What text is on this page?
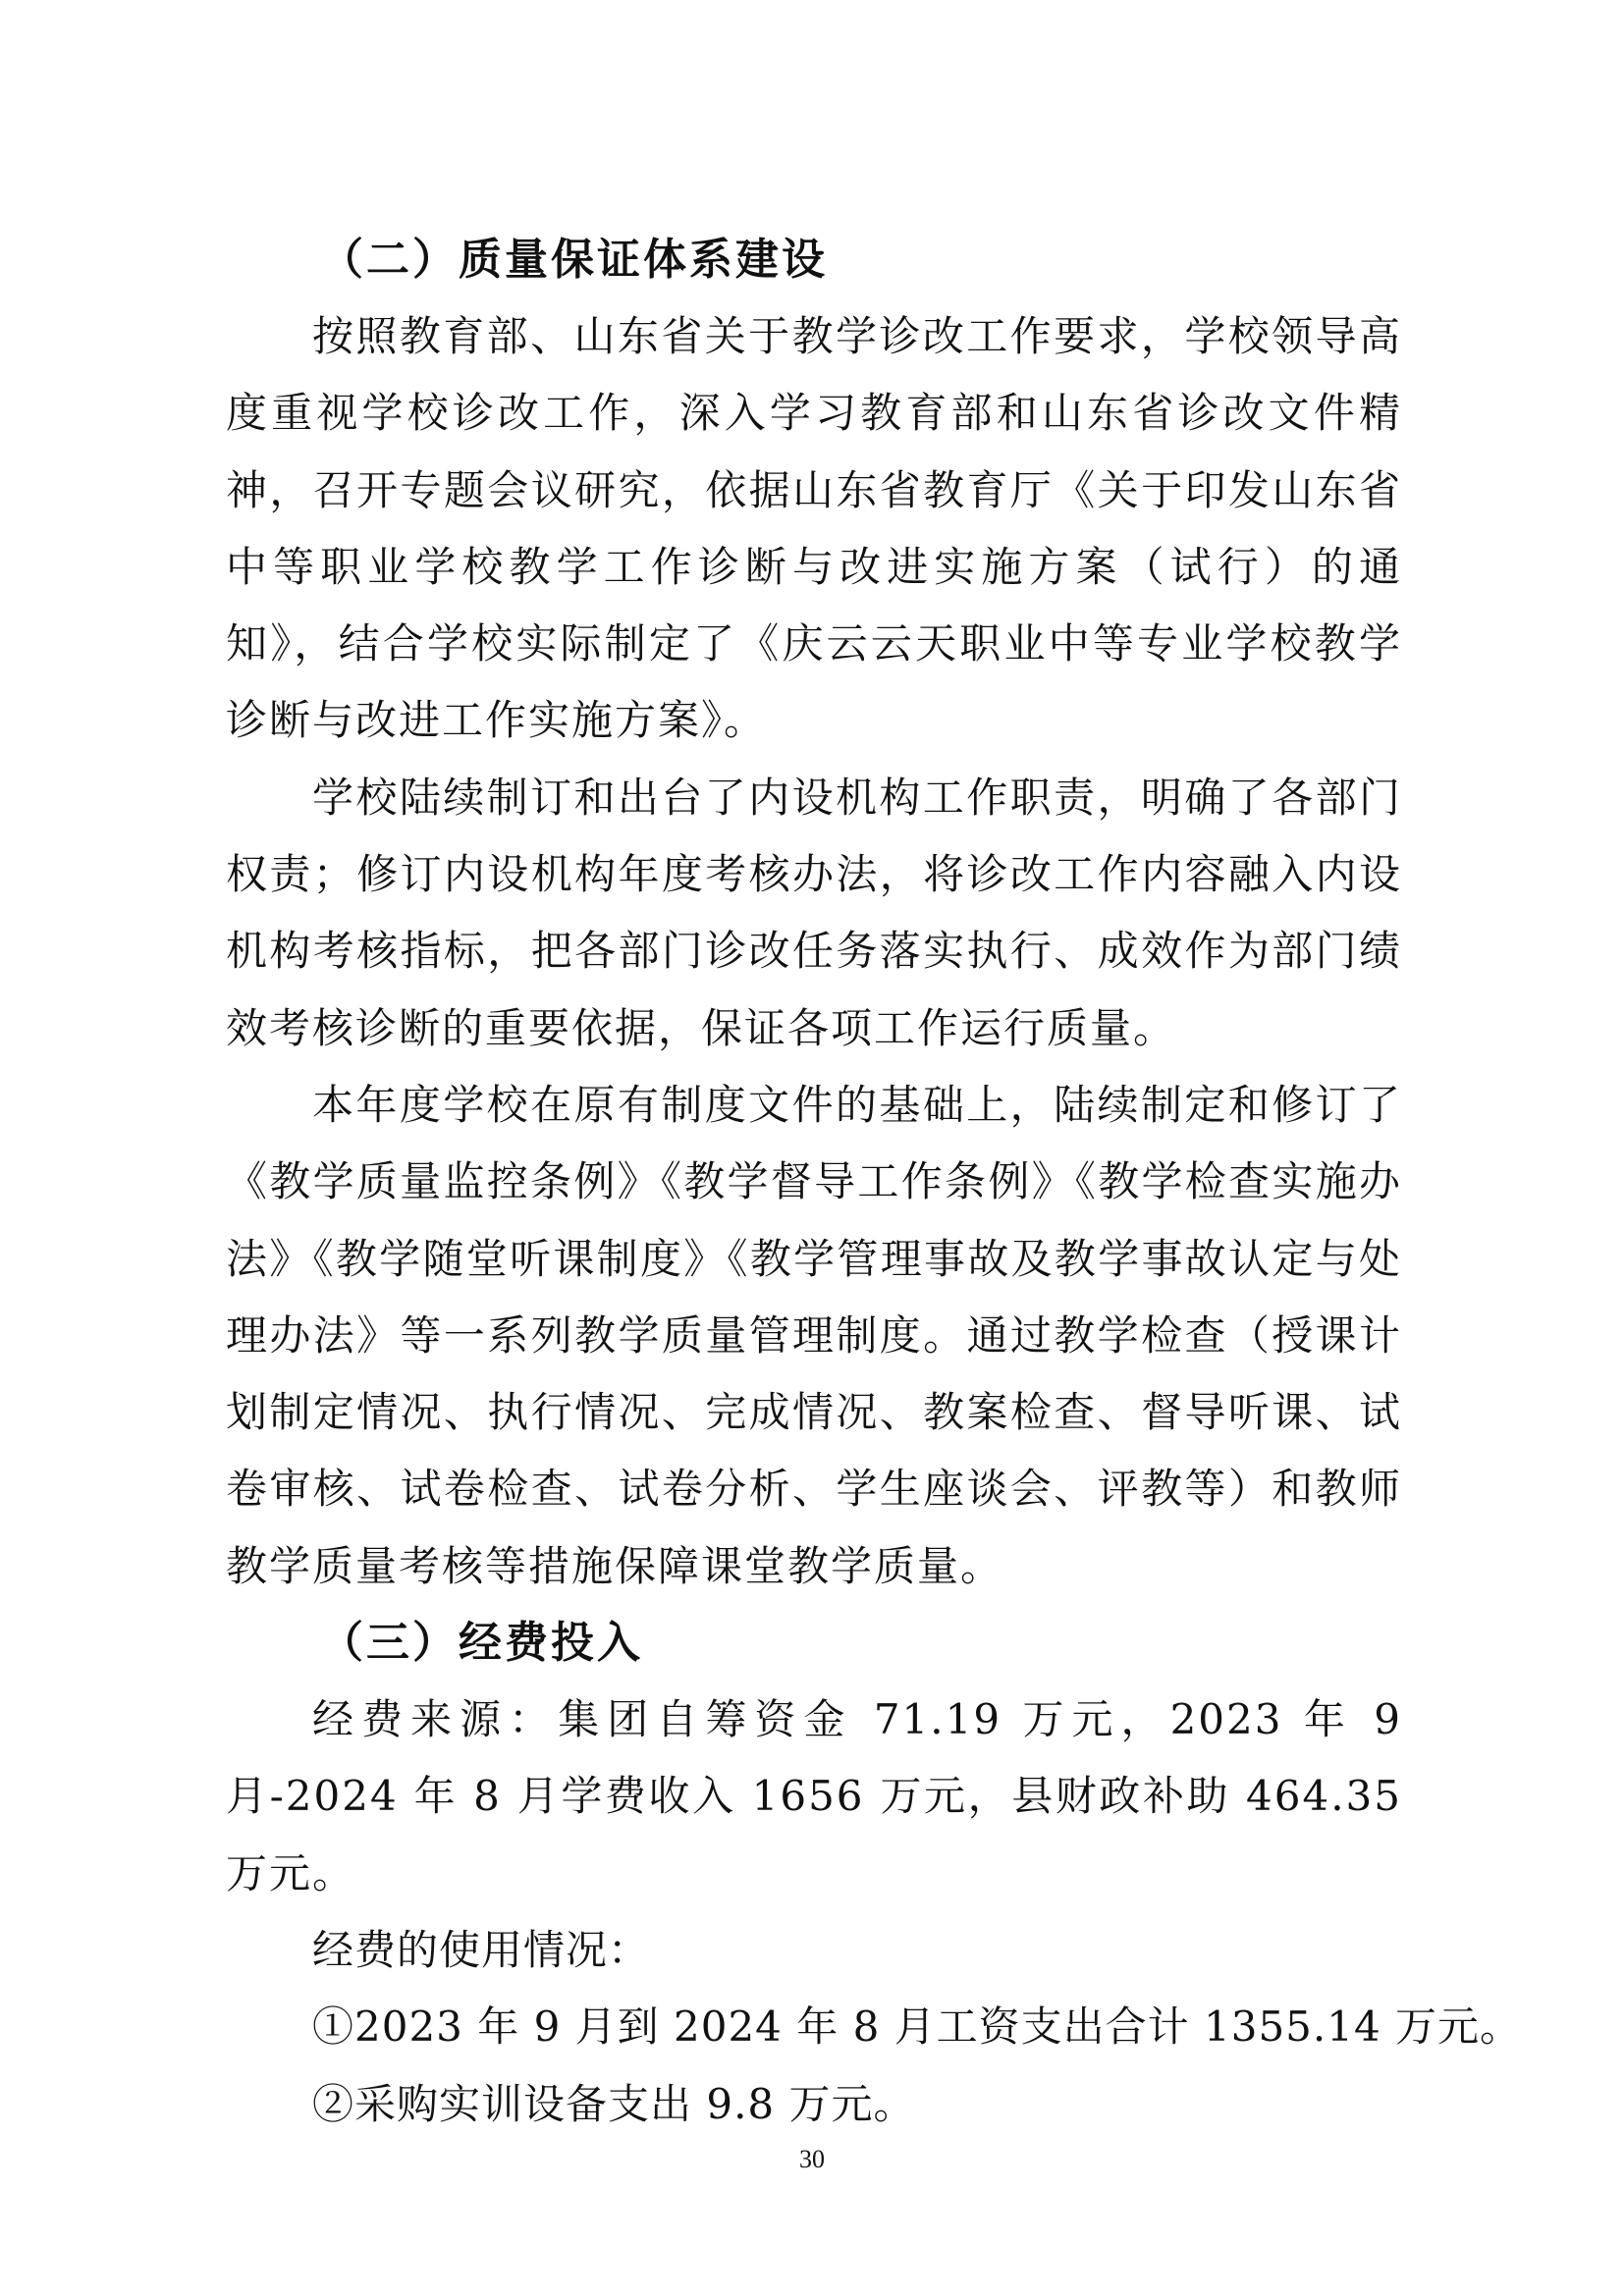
（二）质量保证体系建设

按照教育部、山东省关于教学诊改工作要求，学校领导高度重视学校诊改工作，深入学习教育部和山东省诊改文件精神，召开专题会议研究，依据山东省教育厅《关于印发山东省中等职业学校教学工作诊断与改进实施方案（试行）的通知》，结合学校实际制定了《庆云云天职业中等专业学校教学诊断与改进工作实施方案》。

学校陆续制订和出台了内设机构工作职责，明确了各部门权责；修订内设机构年度考核办法，将诊改工作内容融入内设机构考核指标，把各部门诊改任务落实执行、成效作为部门绩效考核诊断的重要依据，保证各项工作运行质量。

本年度学校在原有制度文件的基础上，陆续制定和修订了《教学质量监控条例》《教学督导工作条例》《教学检查实施办法》《教学随堂听课制度》《教学管理事故及教学事故认定与处理办法》等一系列教学质量管理制度。通过教学检查（授课计划制定情况、执行情况、完成情况、教案检查、督导听课、试卷审核、试卷检查、试卷分析、学生座谈会、评教等）和教师教学质量考核等措施保障课堂教学质量。

（三）经费投入

经费来源：集团自筹资金 71.19 万元，2023 年 9 月-2024 年 8 月学费收入 1656 万元，县财政补助 464.35 万元。

经费的使用情况：
①2023 年 9 月到 2024 年 8 月工资支出合计 1355.14 万元。
②采购实训设备支出 9.8 万元。
30
